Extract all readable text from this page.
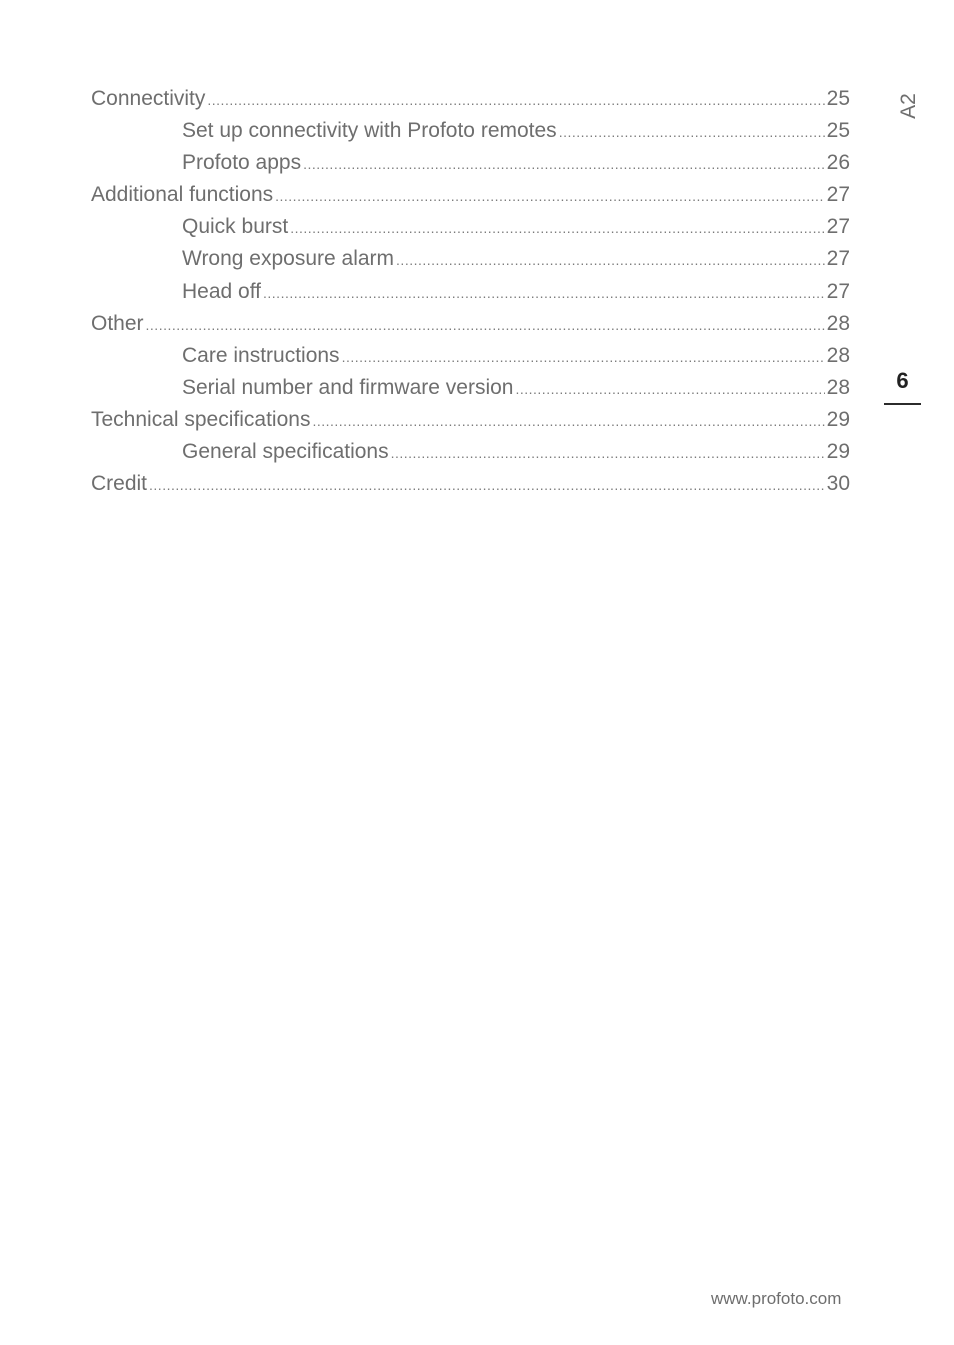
Connectivity .....	25
Set up connectivity with Profoto remotes .....	25
Profoto apps .....	26
Additional functions .....	27
Quick burst .....	27
Wrong exposure alarm .....	27
Head off .....	27
Other .....	28
Care instructions .....	28
Serial number and firmware version .....	28
Technical specifications .....	29
General specifications .....	29
Credit .....	30
A2
6
www.profoto.com
